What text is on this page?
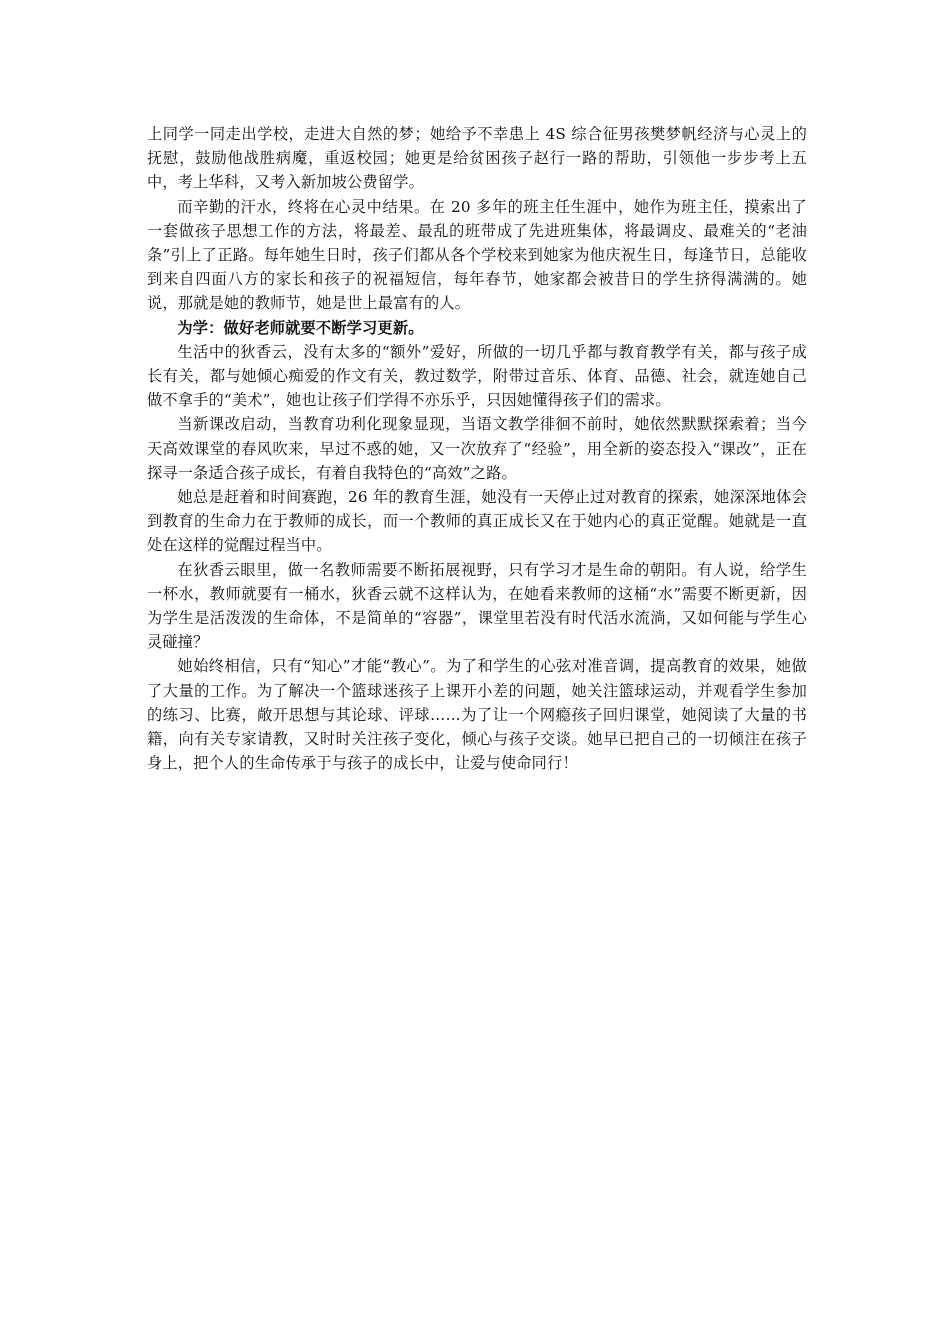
上同学一同走出学校，走进大自然的梦；她给予不幸患上 4S 综合征男孩樊梦帆经济与心灵上的抚慰，鼓励他战胜病魔，重返校园；她更是给贫困孩子赵行一路的帮助，引领他一步步考上五中，考上华科，又考入新加坡公费留学。

而辛勤的汗水，终将在心灵中结果。在 20 多年的班主任生涯中，她作为班主任，摸索出了一套做孩子思想工作的方法，将最差、最乱的班带成了先进班集体，将最调皮、最难关的“老油条”引上了正路。每年她生日时，孩子们都从各个学校来到她家为他庆祝生日，每逢节日，总能收到来自四面八方的家长和孩子的祝福短信，每年春节，她家都会被昔日的学生挤得满满的。她说，那就是她的教师节，她是世上最富有的人。

为学：做好老师就要不断学习更新。

生活中的狄香云，没有太多的“额外”爱好，所做的一切几乎都与教育教学有关，都与孩子成长有关，都与她倾心痴爱的作文有关，教过数学，附带过音乐、体育、品德、社会，就连她自己做不拿手的“美术”，她也让孩子们学得不亦乐乎，只因她懂得孩子们的需求。

当新课改启动，当教育功利化现象显现，当语文教学徘徊不前时，她依然默默探索着；当今天高效课堂的春风吹来，早过不惑的她，又一次放弃了“经验”，用全新的姿态投入“课改”，正在探寻一条适合孩子成长，有着自我特色的“高效”之路。

她总是赶着和时间赛跑，26 年的教育生涯，她没有一天停止过对教育的探索，她深深地体会到教育的生命力在于教师的成长，而一个教师的真正成长又在于她内心的真正觉醒。她就是一直处在这样的觉醒过程当中。

在狄香云眼里，做一名教师需要不断拓展视野，只有学习才是生命的朝阳。有人说，给学生一杯水，教师就要有一桶水，狄香云就不这样认为，在她看来教师的这桶“水”需要不断更新，因为学生是活泼泼的生命体，不是简单的“容器”，课堂里若没有时代活水流淌，又如何能与学生心灵碰撞？

她始终相信，只有“知心”才能“教心”。为了和学生的心弦对准音调，提高教育的效果，她做了大量的工作。为了解决一个篮球迷孩子上课开小差的问题，她关注篮球运动，并观看学生参加的练习、比赛，敞开思想与其论球、评球……为了让一个网瘾孩子回归课堂，她阅读了大量的书籍，向有关专家请教，又时时关注孩子变化，倾心与孩子交谈。她早已把自己的一切倾注在孩子身上，把个人的生命传承于与孩子的成长中，让爱与使命同行！
